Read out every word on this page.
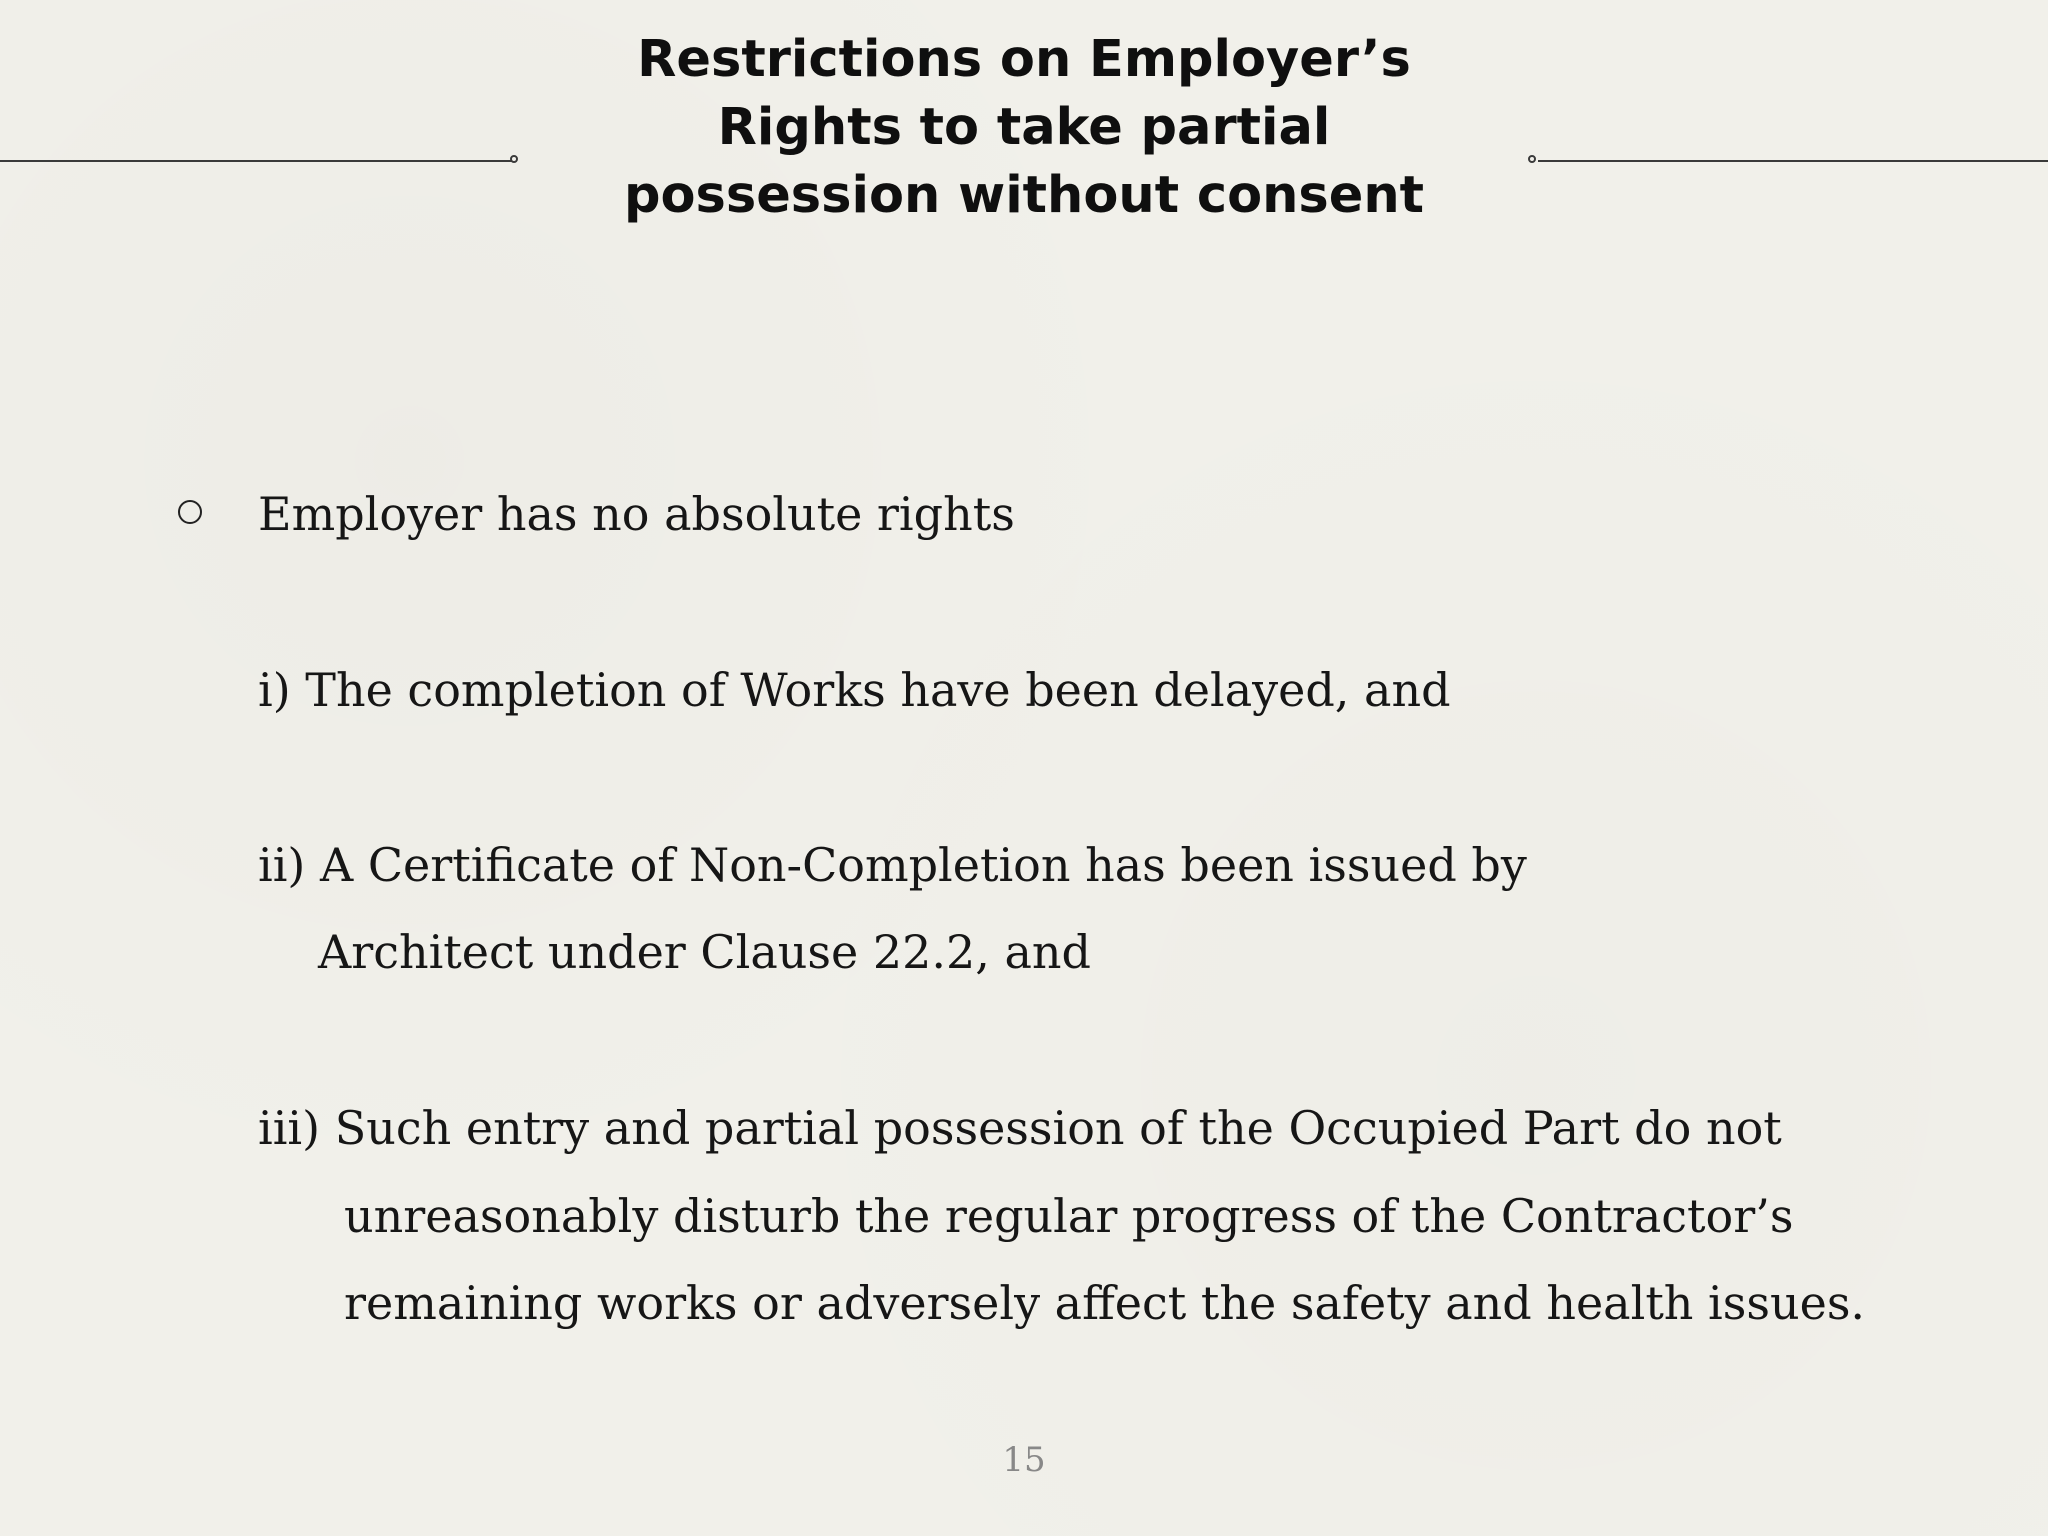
Restrictions on Employer’s Rights to take partial possession without consent
Employer has no absolute rights
i) The completion of Works have been delayed, and
ii) A Certificate of Non-Completion has been issued by
Architect under Clause 22.2, and
iii) Such entry and partial possession of the Occupied Part do not
unreasonably disturb the regular progress of the Contractor’s
remaining works or adversely affect the safety and health issues.
15
